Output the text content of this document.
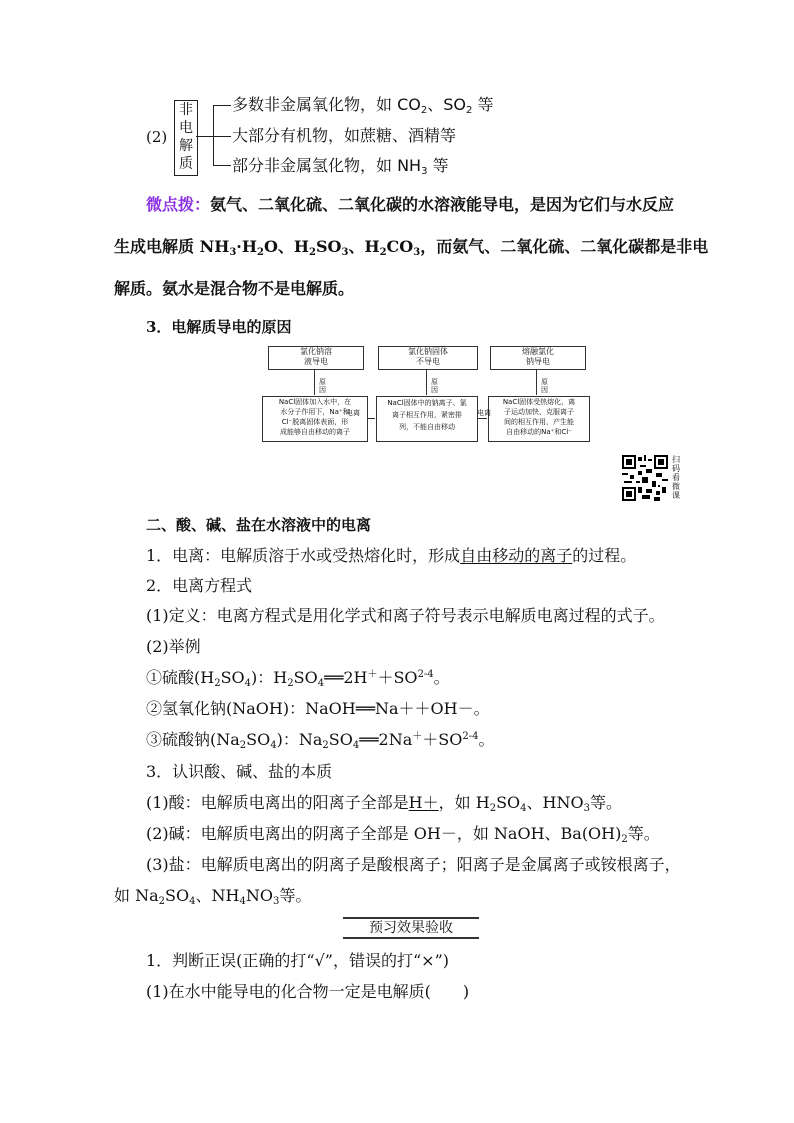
(2)
非
电
解
质
多数非金属氧化物，如 $CO_2$、$SO_2$ 等
大部分有机物，如蔗糖、酒精等
部分非金属氢化物，如 $NH_3$ 等
微点拨：氨气、二氧化硫、二氧化碳的水溶液能导电，是因为它们与水反应
生成电解质 $NH_3\cdot H_2O$、$H_2SO_3$、$H_2CO_3$，而氨气、二氧化硫、二氧化碳都是非电
解质。氨水是混合物不是电解质。
3．电解质导电的原因
氯化钠溶
液导电
氯化钠固体
不导电
熔融氯化
钠导电
原因
原因
原因
NaCl固体加入水中，在
水分子作用下，Na⁺和
Cl⁻脱离固体表面，形
成能够自由移动的离子
NaCl固体中的钠离子、氯
离子相互作用，紧密排
列，不能自由移动
NaCl固体受热熔化，离
子运动加快，克服离子
间的相互作用，产生能
自由移动的Na⁺和Cl⁻
电离	电离
扫
码
看
微
课
二、酸、碱、盐在水溶液中的电离
1．电离：电解质溶于水或受热熔化时，形成自由移动的离子的过程。
2．电离方程式
(1)定义：电离方程式是用化学式和离子符号表示电解质电离过程的式子。
(2)举例
①硫酸$(H_2SO_4)$：$H_2SO_4══2H^++SO^{2-4}$。
②氢氧化钠(NaOH)：NaOH══Na＋＋OH－。
③硫酸钠$(Na_2SO_4)$：$Na_2SO_4══2Na^++SO^{2-4}$。
3．认识酸、碱、盐的本质
(1)酸：电解质电离出的阳离子全部是H＋，如 $H_2SO_4$、$HNO_3$等。
(2)碱：电解质电离出的阴离子全部是 OH－，如 NaOH、$Ba(OH)_2$等。
(3)盐：电解质电离出的阴离子是酸根离子；阳离子是金属离子或铵根离子，
如 $Na_2SO_4$、$NH_4NO_3$等。
预习效果验收
1．判断正误(正确的打“√”，错误的打“×”)
(1)在水中能导电的化合物一定是电解质(　　)
